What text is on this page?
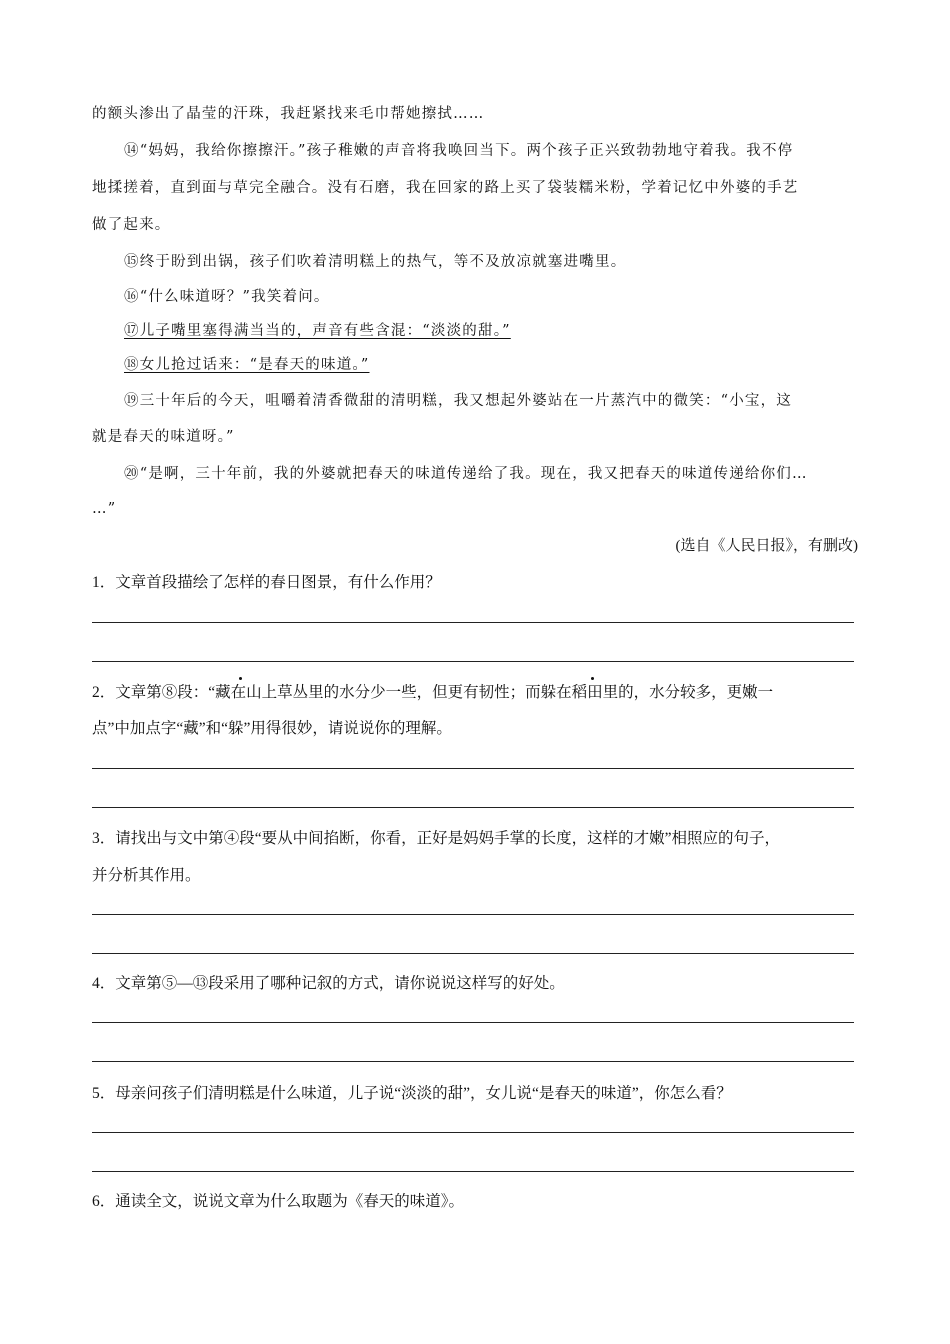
的额头渗出了晶莹的汗珠，我赶紧找来毛巾帮她擦拭……
⑭“妈妈，我给你擦擦汗。”孩子稚嫩的声音将我唤回当下。两个孩子正兴致勃勃地守着我。我不停
地揉搓着，直到面与草完全融合。没有石磨，我在回家的路上买了袋装糯米粉，学着记忆中外婆的手艺
做了起来。
⑮终于盼到出锅，孩子们吹着清明糕上的热气，等不及放凉就塞进嘴里。
⑯“什么味道呀？”我笑着问。
⑰儿子嘴里塞得满当当的，声音有些含混：“淡淡的甜。”
⑱女儿抢过话来：“是春天的味道。”
⑲三十年后的今天，咀嚼着清香微甜的清明糕，我又想起外婆站在一片蒸汽中的微笑：“小宝，这
就是春天的味道呀。”
⑳“是啊，三十年前，我的外婆就把春天的味道传递给了我。现在，我又把春天的味道传递给你们…
…”
(选自《人民日报》，有删改)
1．文章首段描绘了怎样的春日图景，有什么作用？
2．文章第⑧段：“藏在山上草丛里的水分少一些，但更有韧性；而躲在稻田里的，水分较多，更嫩一
点”中加点字“藏”和“躲”用得很妙，请说说你的理解。
3．请找出与文中第④段“要从中间掐断，你看，正好是妈妈手掌的长度，这样的才嫩”相照应的句子，
并分析其作用。
4．文章第⑤—⑬段采用了哪种记叙的方式，请你说说这样写的好处。
5．母亲问孩子们清明糕是什么味道，儿子说“淡淡的甜”，女儿说“是春天的味道”，你怎么看？
6．通读全文，说说文章为什么取题为《春天的味道》。
